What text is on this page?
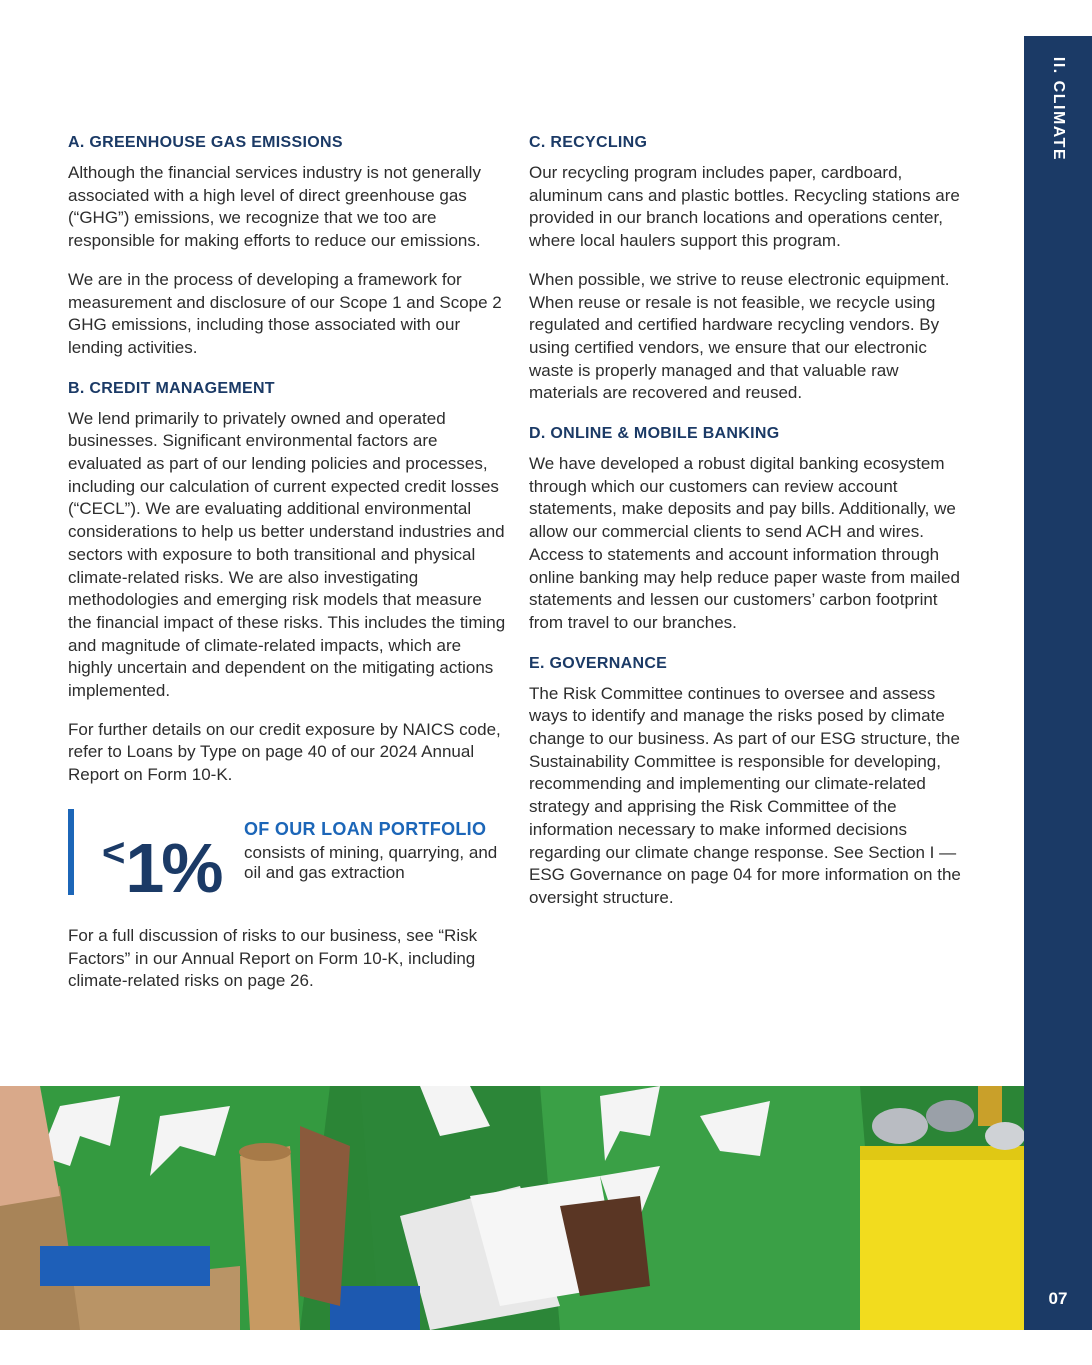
II. CLIMATE
07
A. GREENHOUSE GAS EMISSIONS

Although the financial services industry is not generally associated with a high level of direct greenhouse gas (“GHG”) emissions, we recognize that we too are responsible for making efforts to reduce our emissions.

We are in the process of developing a framework for measurement and disclosure of our Scope 1 and Scope 2 GHG emissions, including those associated with our lending activities.

B. CREDIT MANAGEMENT

We lend primarily to privately owned and operated businesses. Significant environmental factors are evaluated as part of our lending policies and processes, including our calculation of current expected credit losses (“CECL”). We are evaluating additional environmental considerations to help us better understand industries and sectors with exposure to both transitional and physical climate-related risks. We are also investigating methodologies and emerging risk models that measure the financial impact of these risks. This includes the timing and magnitude of climate-related impacts, which are highly uncertain and dependent on the mitigating actions implemented.

For further details on our credit exposure by NAICS code, refer to Loans by Type on page 40 of our 2024 Annual Report on Form 10-K.

<1% OF OUR LOAN PORTFOLIO
consists of mining, quarrying, and oil and gas extraction

For a full discussion of risks to our business, see “Risk Factors” in our Annual Report on Form 10-K, including climate-related risks on page 26.

C. RECYCLING

Our recycling program includes paper, cardboard, aluminum cans and plastic bottles. Recycling stations are provided in our branch locations and operations center, where local haulers support this program.

When possible, we strive to reuse electronic equipment. When reuse or resale is not feasible, we recycle using regulated and certified hardware recycling vendors. By using certified vendors, we ensure that our electronic waste is properly managed and that valuable raw materials are recovered and reused.

D. ONLINE & MOBILE BANKING

We have developed a robust digital banking ecosystem through which our customers can review account statements, make deposits and pay bills. Additionally, we allow our commercial clients to send ACH and wires. Access to statements and account information through online banking may help reduce paper waste from mailed statements and lessen our customers’ carbon footprint from travel to our branches.

E. GOVERNANCE

The Risk Committee continues to oversee and assess ways to identify and manage the risks posed by climate change to our business. As part of our ESG structure, the Sustainability Committee is responsible for developing, recommending and implementing our climate-related strategy and apprising the Risk Committee of the information necessary to make informed decisions regarding our climate change response. See Section I — ESG Governance on page 04 for more information on the oversight structure.
